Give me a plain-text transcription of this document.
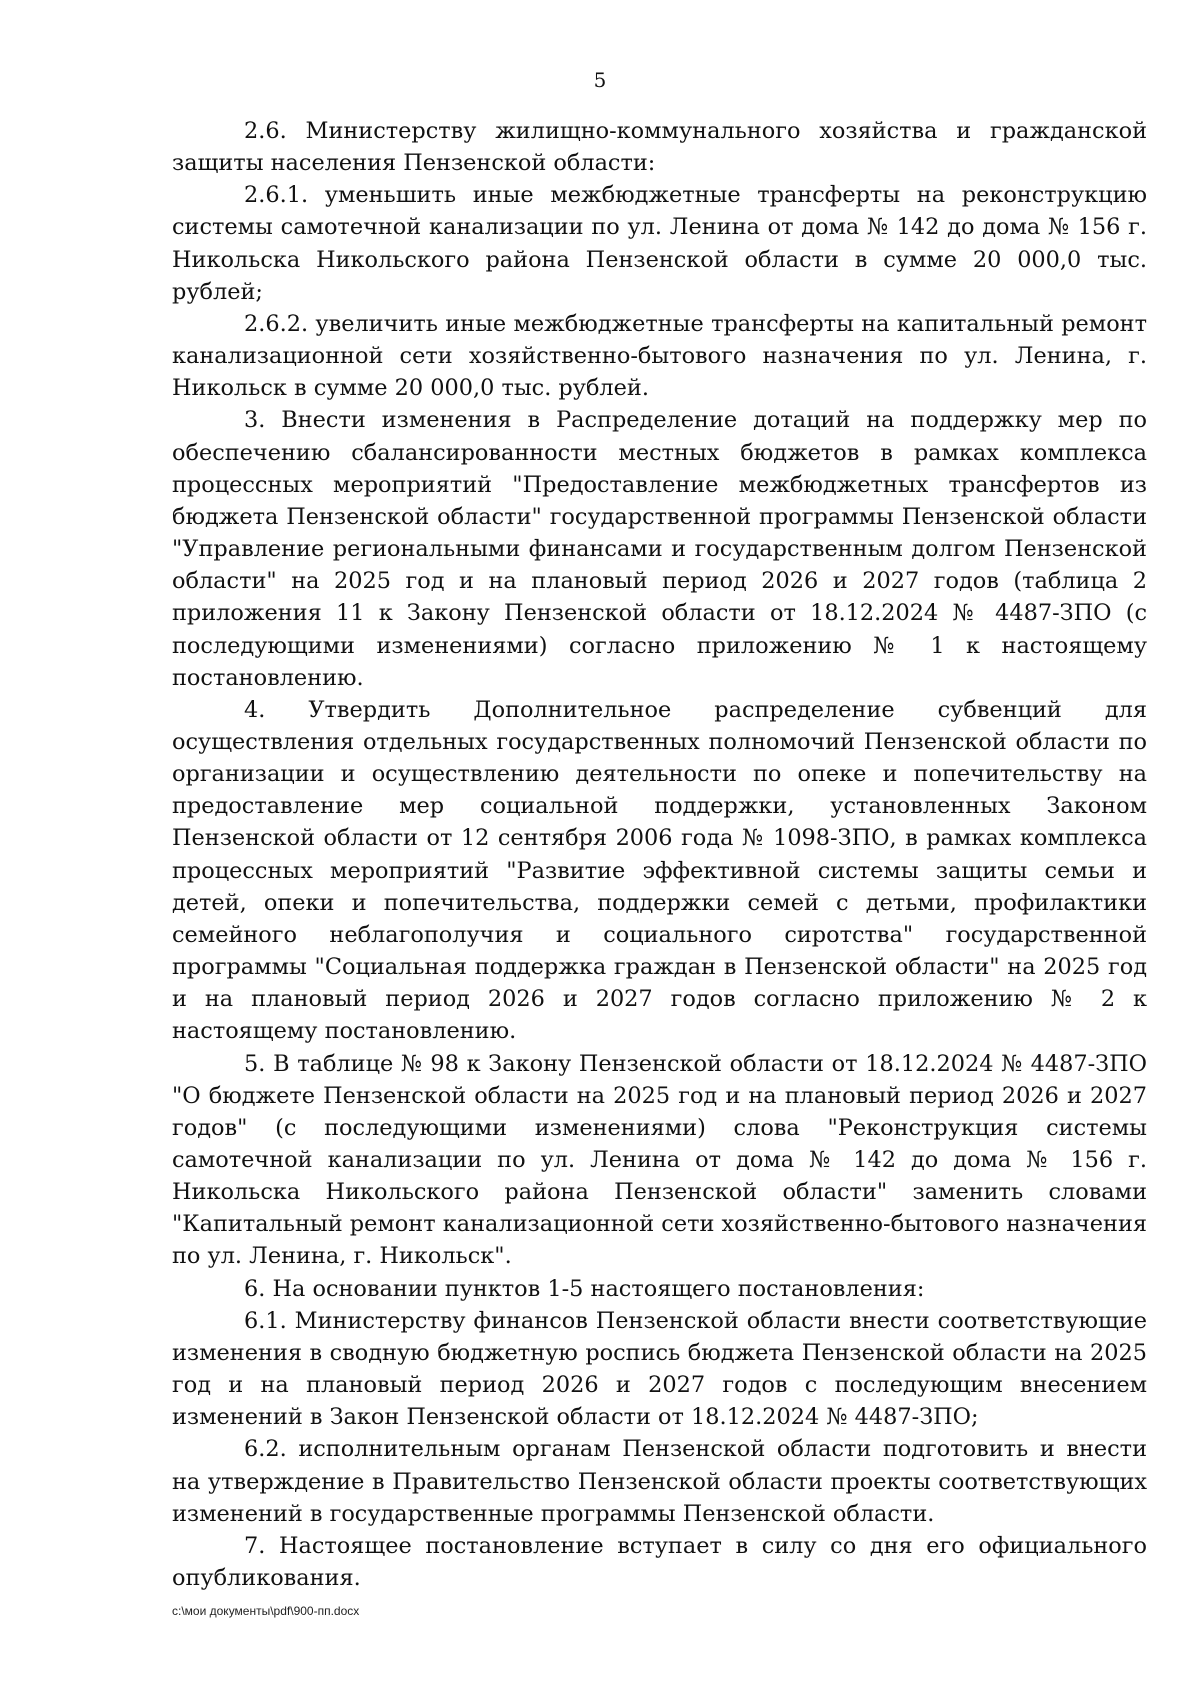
5

2.6. Министерству жилищно-коммунального хозяйства и гражданской защиты населения Пензенской области:

2.6.1. уменьшить иные межбюджетные трансферты на реконструкцию системы самотечной канализации по ул. Ленина от дома № 142 до дома № 156 г. Никольска Никольского района Пензенской области в сумме 20 000,0 тыс. рублей;

2.6.2. увеличить иные межбюджетные трансферты на капитальный ремонт канализационной сети хозяйственно-бытового назначения по ул. Ленина, г. Никольск в сумме 20 000,0 тыс. рублей.

3. Внести изменения в Распределение дотаций на поддержку мер по обеспечению сбалансированности местных бюджетов в рамках комплекса процессных мероприятий "Предоставление межбюджетных трансфертов из бюджета Пензенской области" государственной программы Пензенской области "Управление региональными финансами и государственным долгом Пензенской области" на 2025 год и на плановый период 2026 и 2027 годов (таблица 2 приложения 11 к Закону Пензенской области от 18.12.2024 № 4487-ЗПО (с последующими изменениями) согласно приложению № 1 к настоящему постановлению.

4. Утвердить Дополнительное распределение субвенций для осуществления отдельных государственных полномочий Пензенской области по организации и осуществлению деятельности по опеке и попечительству на предоставление мер социальной поддержки, установленных Законом Пензенской области от 12 сентября 2006 года № 1098-ЗПО, в рамках комплекса процессных мероприятий "Развитие эффективной системы защиты семьи и детей, опеки и попечительства, поддержки семей с детьми, профилактики семейного неблагополучия и социального сиротства" государственной программы "Социальная поддержка граждан в Пензенской области" на 2025 год и на плановый период 2026 и 2027 годов согласно приложению № 2 к настоящему постановлению.

5. В таблице № 98 к Закону Пензенской области от 18.12.2024 № 4487-ЗПО "О бюджете Пензенской области на 2025 год и на плановый период 2026 и 2027 годов" (с последующими изменениями) слова "Реконструкция системы самотечной канализации по ул. Ленина от дома № 142 до дома № 156 г. Никольска Никольского района Пензенской области" заменить словами "Капитальный ремонт канализационной сети хозяйственно-бытового назначения по ул. Ленина, г. Никольск".

6. На основании пунктов 1-5 настоящего постановления:

6.1. Министерству финансов Пензенской области внести соответствующие изменения в сводную бюджетную роспись бюджета Пензенской области на 2025 год и на плановый период 2026 и 2027 годов с последующим внесением изменений в Закон Пензенской области от 18.12.2024 № 4487-ЗПО;

6.2. исполнительным органам Пензенской области подготовить и внести на утверждение в Правительство Пензенской области проекты соответствующих изменений в государственные программы Пензенской области.

7. Настоящее постановление вступает в силу со дня его официального опубликования.

c:\мои документы\pdf\900-пп.docx
